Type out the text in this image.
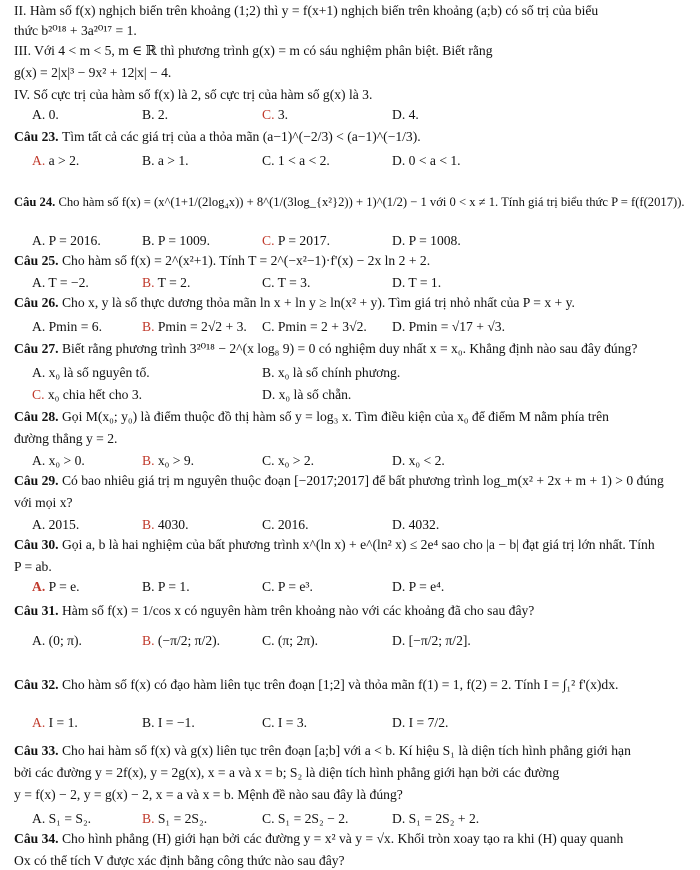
II. Hàm số f(x) nghịch biến trên khoảng (1;2) thì y = f(x+1) nghịch biến trên khoảng (a;b) có số trị của biểu
thức b²⁰¹⁸ + 3a²⁰¹⁷ = 1.
III. Với 4 < m < 5, m ∈ ℝ thì phương trình g(x) = m có sáu nghiệm phân biệt. Biết rằng
g(x) = 2|x|³ − 9x² + 12|x| − 4.
IV. Số cực trị của hàm số f(x) là 2, số cực trị của hàm số g(x) là 3.
A. 0.	B. 2.	C. 3.	D. 4.
Câu 23. Tìm tất cả các giá trị của a thỏa mãn (a−1)^(−2/3) < (a−1)^(−1/3).
A. a > 2.	B. a > 1.	C. 1 < a < 2.	D. 0 < a < 1.
Câu 24. Cho hàm số f(x) = (x^(1+1/(2log₄x)) + 8^(1/(3log_{x²}2)) + 1)^(1/2) − 1 với 0 < x ≠ 1. Tính giá trị biểu thức P = f(f(2017)).
A. P = 2016.	B. P = 1009.	C. P = 2017.	D. P = 1008.
Câu 25. Cho hàm số f(x) = 2^(x²+1). Tính T = 2^(−x²−1)·f'(x) − 2x ln 2 + 2.
A. T = −2.	B. T = 2.	C. T = 3.	D. T = 1.
Câu 26. Cho x, y là số thực dương thỏa mãn ln x + ln y ≥ ln(x² + y). Tìm giá trị nhỏ nhất của P = x + y.
A. Pmin = 6.	B. Pmin = 2√2 + 3. C. Pmin = 2 + 3√2. D. Pmin = √17 + √3.
Câu 27. Biết rằng phương trình 3²⁰¹⁸ − 2^(x log₈ 9) = 0 có nghiệm duy nhất x = x₀. Khẳng định nào sau đây đúng?
A. x₀ là số nguyên tố.	B. x₀ là số chính phương.
C. x₀ chia hết cho 3.	D. x₀ là số chẵn.
Câu 28. Gọi M(x₀; y₀) là điểm thuộc đồ thị hàm số y = log₃ x. Tìm điều kiện của x₀ để điểm M nằm phía trên
đường thẳng y = 2.
A. x₀ > 0.	B. x₀ > 9.	C. x₀ > 2.	D. x₀ < 2.
Câu 29. Có bao nhiêu giá trị m nguyên thuộc đoạn [−2017;2017] để bất phương trình log_m(x² + 2x + m + 1) > 0 đúng
với mọi x?
A. 2015.	B. 4030.	C. 2016.	D. 4032.
Câu 30. Gọi a, b là hai nghiệm của bất phương trình x^(ln x) + e^(ln² x) ≤ 2e⁴ sao cho |a − b| đạt giá trị lớn nhất. Tính
P = ab.
A. P = e.	B. P = 1.	C. P = e³.	D. P = e⁴.
Câu 31. Hàm số f(x) = 1/cos x có nguyên hàm trên khoảng nào với các khoảng đã cho sau đây?
A. (0; π).	B. (−π/2; π/2).	C. (π; 2π).	D. [−π/2; π/2].
Câu 32. Cho hàm số f(x) có đạo hàm liên tục trên đoạn [1;2] và thỏa mãn f(1) = 1, f(2) = 2. Tính I = ∫₁² f'(x)dx.
A. I = 1.	B. I = −1.	C. I = 3.	D. I = 7/2.
Câu 33. Cho hai hàm số f(x) và g(x) liên tục trên đoạn [a;b] với a < b. Kí hiệu S₁ là diện tích hình phẳng giới hạn
bởi các đường y = 2f(x), y = 2g(x), x = a và x = b; S₂ là diện tích hình phẳng giới hạn bởi các đường
y = f(x) − 2, y = g(x) − 2, x = a và x = b. Mệnh đề nào sau đây là đúng?
A. S₁ = S₂.	B. S₁ = 2S₂.	C. S₁ = 2S₂ − 2.	D. S₁ = 2S₂ + 2.
Câu 34. Cho hình phẳng (H) giới hạn bởi các đường y = x² và y = √x. Khối tròn xoay tạo ra khi (H) quay quanh
Ox có thể tích V được xác định bằng công thức nào sau đây?
